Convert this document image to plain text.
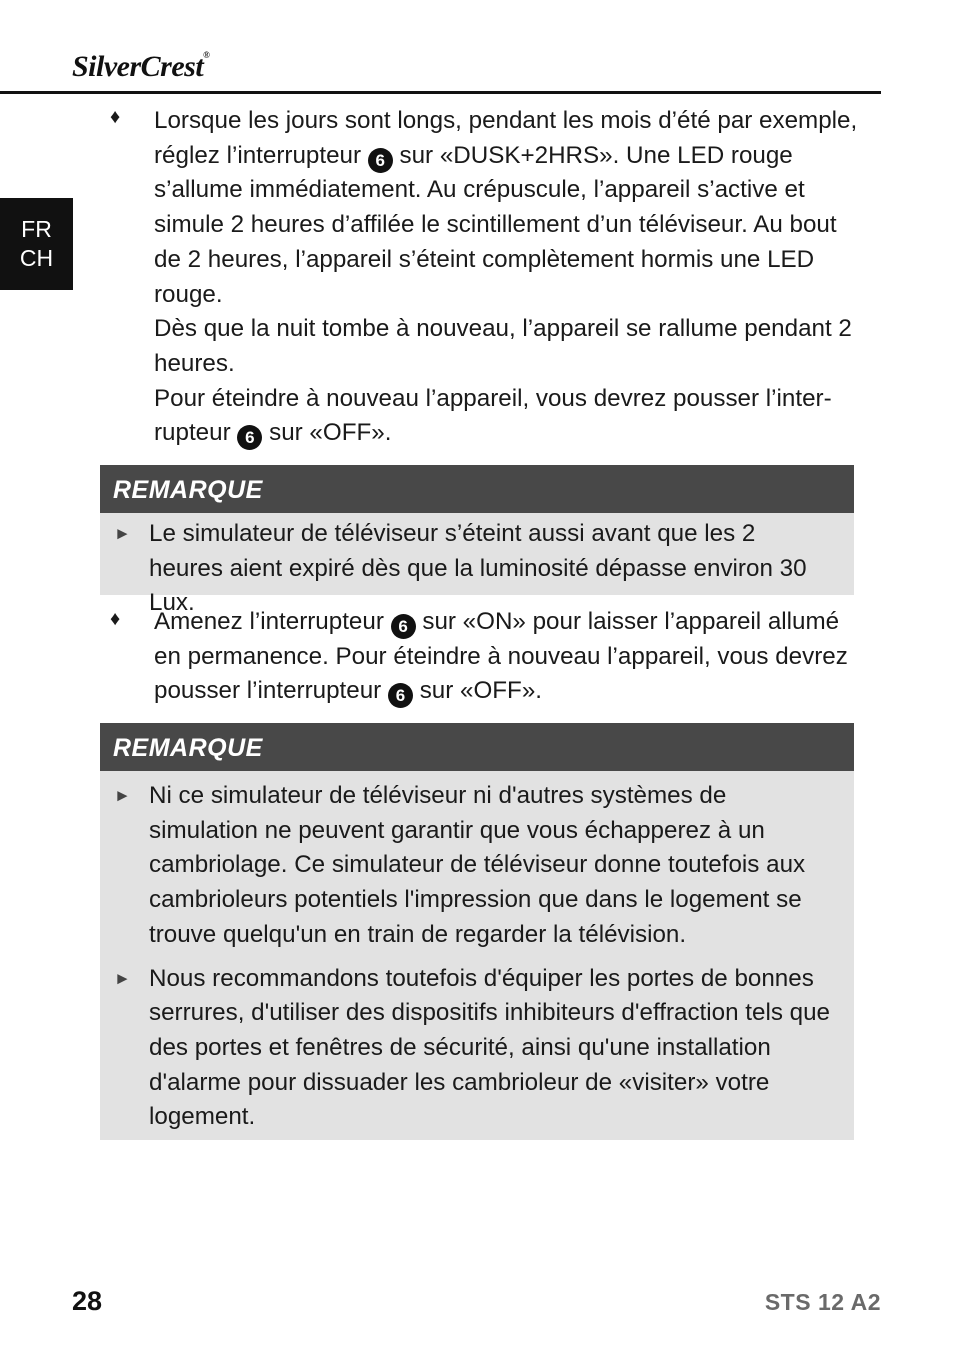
SilverCrest®
FR
CH
♦ Lorsque les jours sont longs, pendant les mois d’été par exemple, réglez l’interrupteur 6 sur «DUSK+2HRS». Une LED rouge s’allume immédiatement. Au crépuscule, l’appareil s’active et simule 2 heures d’affilée le scintillement d’un téléviseur. Au bout de 2 heures, l’appareil s’éteint complètement hormis une LED rouge.

Dès que la nuit tombe à nouveau, l’appareil se rallume pendant 2 heures.

Pour éteindre à nouveau l’appareil, vous devrez pousser l’inter-rupteur 6 sur «OFF».

REMARQUE
► Le simulateur de téléviseur s’éteint aussi avant que les 2 heures aient expiré dès que la luminosité dépasse environ 30 Lux.
♦ Amenez l’interrupteur 6 sur «ON» pour laisser l’appareil allumé en permanence. Pour éteindre à nouveau l’appareil, vous devrez pousser l’interrupteur 6 sur «OFF».

REMARQUE
► Ni ce simulateur de téléviseur ni d'autres systèmes de simulation ne peuvent garantir que vous échapperez à un cambriolage. Ce simulateur de téléviseur donne toutefois aux cambrioleurs potentiels l'impression que dans le logement se trouve quelqu'un en train de regarder la télévision.
► Nous recommandons toutefois d'équiper les portes de bonnes serrures, d'utiliser des dispositifs inhibiteurs d'effraction tels que des portes et fenêtres de sécurité, ainsi qu'une installation d'alarme pour dissuader les cambrioleur de «visiter» votre logement.
28	STS 12 A2
